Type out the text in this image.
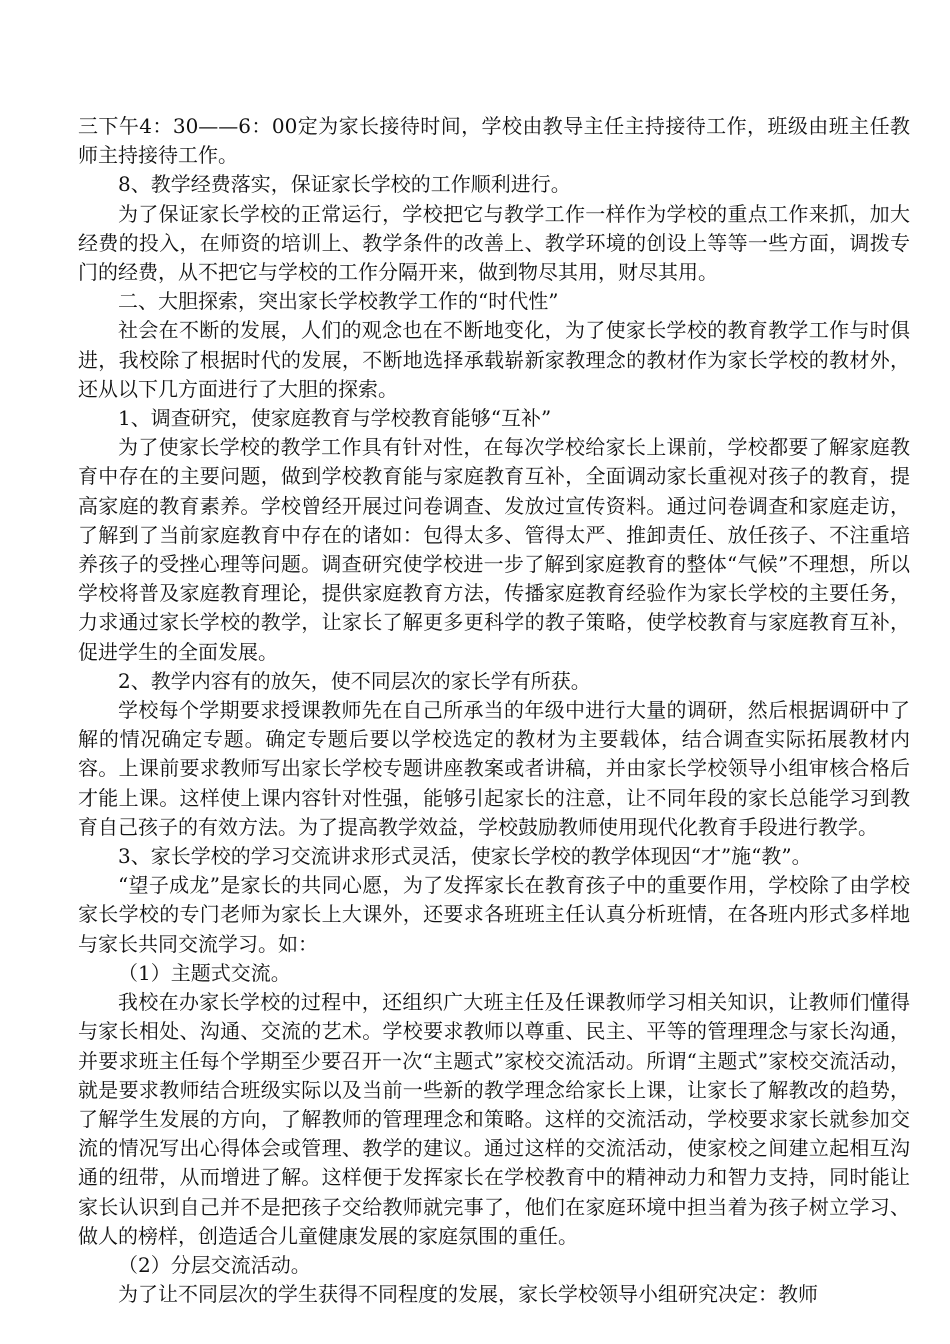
三下午4：30——6：00定为家长接待时间，学校由教导主任主持接待工作，班级由班主任教师主持接待工作。

8、教学经费落实，保证家长学校的工作顺利进行。

为了保证家长学校的正常运行，学校把它与教学工作一样作为学校的重点工作来抓，加大经费的投入，在师资的培训上、教学条件的改善上、教学环境的创设上等等一些方面，调拨专门的经费，从不把它与学校的工作分隔开来，做到物尽其用，财尽其用。

二、大胆探索，突出家长学校教学工作的“时代性”

社会在不断的发展，人们的观念也在不断地变化，为了使家长学校的教育教学工作与时俱进，我校除了根据时代的发展，不断地选择承载崭新家教理念的教材作为家长学校的教材外，还从以下几方面进行了大胆的探索。

1、调查研究，使家庭教育与学校教育能够“互补”

为了使家长学校的教学工作具有针对性，在每次学校给家长上课前，学校都要了解家庭教育中存在的主要问题，做到学校教育能与家庭教育互补，全面调动家长重视对孩子的教育，提高家庭的教育素养。学校曾经开展过问卷调查、发放过宣传资料。通过问卷调查和家庭走访，了解到了当前家庭教育中存在的诸如：包得太多、管得太严、推卸责任、放任孩子、不注重培养孩子的受挫心理等问题。调查研究使学校进一步了解到家庭教育的整体“气候”不理想，所以学校将普及家庭教育理论，提供家庭教育方法，传播家庭教育经验作为家长学校的主要任务，力求通过家长学校的教学，让家长了解更多更科学的教子策略，使学校教育与家庭教育互补，促进学生的全面发展。

2、教学内容有的放矢，使不同层次的家长学有所获。

学校每个学期要求授课教师先在自己所承当的年级中进行大量的调研，然后根据调研中了解的情况确定专题。确定专题后要以学校选定的教材为主要载体，结合调查实际拓展教材内容。上课前要求教师写出家长学校专题讲座教案或者讲稿，并由家长学校领导小组审核合格后才能上课。这样使上课内容针对性强，能够引起家长的注意，让不同年段的家长总能学习到教育自己孩子的有效方法。为了提高教学效益，学校鼓励教师使用现代化教育手段进行教学。

3、家长学校的学习交流讲求形式灵活，使家长学校的教学体现因“才”施“教”。

“望子成龙”是家长的共同心愿，为了发挥家长在教育孩子中的重要作用，学校除了由学校家长学校的专门老师为家长上大课外，还要求各班班主任认真分析班情，在各班内形式多样地与家长共同交流学习。如：

（1）主题式交流。

我校在办家长学校的过程中，还组织广大班主任及任课教师学习相关知识，让教师们懂得与家长相处、沟通、交流的艺术。学校要求教师以尊重、民主、平等的管理理念与家长沟通，并要求班主任每个学期至少要召开一次“主题式”家校交流活动。所谓“主题式”家校交流活动，就是要求教师结合班级实际以及当前一些新的教学理念给家长上课，让家长了解教改的趋势，了解学生发展的方向，了解教师的管理理念和策略。这样的交流活动，学校要求家长就参加交流的情况写出心得体会或管理、教学的建议。通过这样的交流活动，使家校之间建立起相互沟通的纽带，从而增进了解。这样便于发挥家长在学校教育中的精神动力和智力支持，同时能让家长认识到自己并不是把孩子交给教师就完事了，他们在家庭环境中担当着为孩子树立学习、做人的榜样，创造适合儿童健康发展的家庭氛围的重任。

（2）分层交流活动。

为了让不同层次的学生获得不同程度的发展，家长学校领导小组研究决定：教师
